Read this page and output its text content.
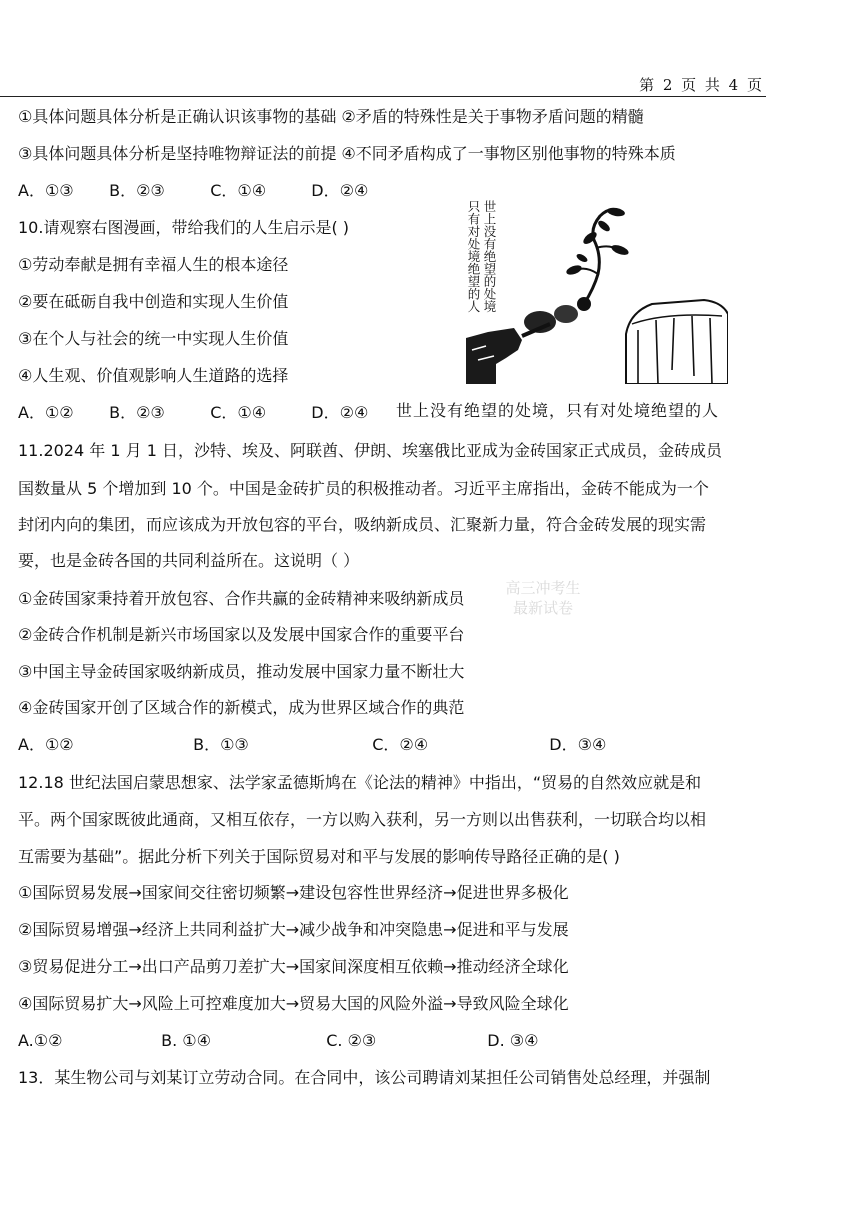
第 2 页 共 4 页
①具体问题具体分析是正确认识该事物的基础 ②矛盾的特殊性是关于事物矛盾问题的精髓
③具体问题具体分析是坚持唯物辩证法的前提 ④不同矛盾构成了一事物区别他事物的特殊本质
A．①③ B．②③	C．①④	D．②④
10.请观察右图漫画，带给我们的人生启示是( )
①劳动奉献是拥有幸福人生的根本途径
②要在砥砺自我中创造和实现人生价值
③在个人与社会的统一中实现人生价值
④人生观、价值观影响人生道路的选择
A．①② B．②③	C．①④	D．②④
只有对处境绝望的人 世上没有绝望的处境
世上没有绝望的处境，只有对处境绝望的人
11.2024 年 1 月 1 日，沙特、埃及、阿联酋、伊朗、埃塞俄比亚成为金砖国家正式成员，金砖成员
国数量从 5 个增加到 10 个。中国是金砖扩员的积极推动者。习近平主席指出，金砖不能成为一个
封闭内向的集团，而应该成为开放包容的平台，吸纳新成员、汇聚新力量，符合金砖发展的现实需
要，也是金砖各国的共同利益所在。这说明（ ）
①金砖国家秉持着开放包容、合作共赢的金砖精神来吸纳新成员
②金砖合作机制是新兴市场国家以及发展中国家合作的重要平台
③中国主导金砖国家吸纳新成员，推动发展中国家力量不断壮大
④金砖国家开创了区域合作的新模式，成为世界区域合作的典范
A．①②	B．①③	C．②④	D．③④
高三冲考生
最新试卷
12.18 世纪法国启蒙思想家、法学家孟德斯鸠在《论法的精神》中指出，“贸易的自然效应就是和
平。两个国家既彼此通商，又相互依存，一方以购入获利，另一方则以出售获利，一切联合均以相
互需要为基础”。据此分析下列关于国际贸易对和平与发展的影响传导路径正确的是( )
①国际贸易发展→国家间交往密切频繁→建设包容性世界经济→促进世界多极化
②国际贸易增强→经济上共同利益扩大→减少战争和冲突隐患→促进和平与发展
③贸易促进分工→出口产品剪刀差扩大→国家间深度相互依赖→推动经济全球化
④国际贸易扩大→风险上可控难度加大→贸易大国的风险外溢→导致风险全球化
A.①②	B. ①④	C. ②③	D. ③④
13．某生物公司与刘某订立劳动合同。在合同中，该公司聘请刘某担任公司销售处总经理，并强制
